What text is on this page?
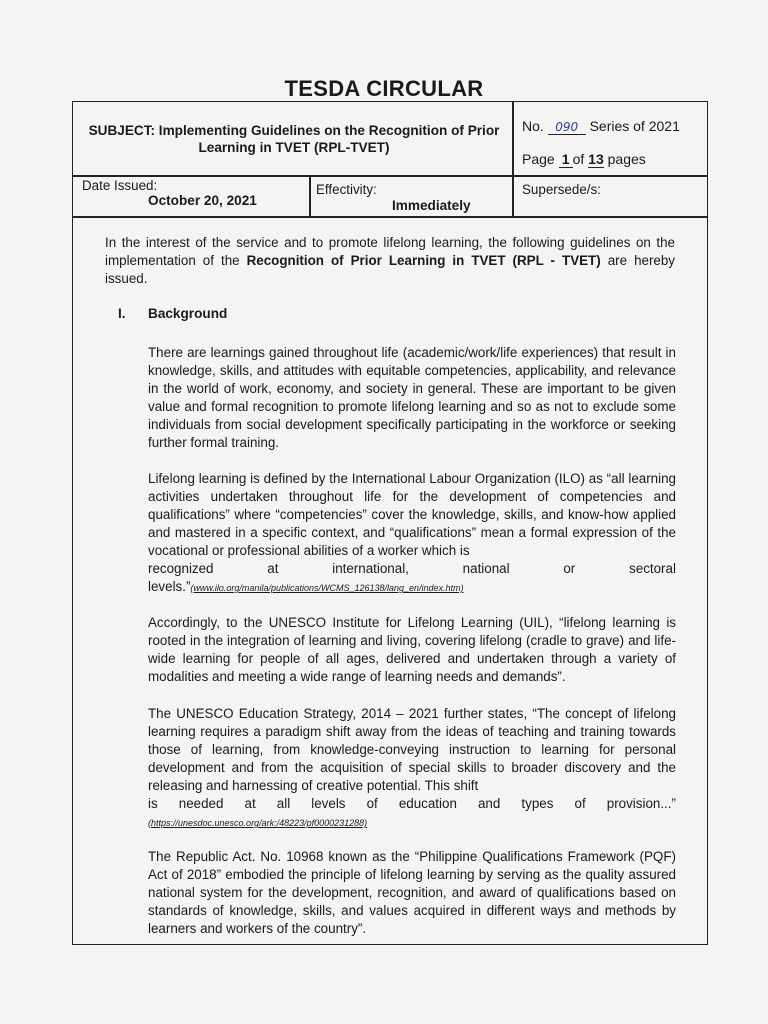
TESDA CIRCULAR
SUBJECT: Implementing Guidelines on the Recognition of Prior Learning in TVET (RPL-TVET)
No. 090 Series of 2021
Page 1 of 13 pages
Date Issued:
October 20, 2021
Effectivity:
Immediately
Supersede/s:
In the interest of the service and to promote lifelong learning, the following guidelines on the implementation of the Recognition of Prior Learning in TVET (RPL - TVET) are hereby issued.
I. Background
There are learnings gained throughout life (academic/work/life experiences) that result in knowledge, skills, and attitudes with equitable competencies, applicability, and relevance in the world of work, economy, and society in general. These are important to be given value and formal recognition to promote lifelong learning and so as not to exclude some individuals from social development specifically participating in the workforce or seeking further formal training.
Lifelong learning is defined by the International Labour Organization (ILO) as “all learning activities undertaken throughout life for the development of competencies and qualifications” where “competencies” cover the knowledge, skills, and know-how applied and mastered in a specific context, and “qualifications” mean a formal expression of the vocational or professional abilities of a worker which is
recognized	at	international,	national	or	sectoral
levels.”(www.ilo.org/manila/publications/WCMS_126138/lang_en/index.htm)
Accordingly, to the UNESCO Institute for Lifelong Learning (UIL), “lifelong learning is rooted in the integration of learning and living, covering lifelong (cradle to grave) and life-wide learning for people of all ages, delivered and undertaken through a variety of modalities and meeting a wide range of learning needs and demands”.
The UNESCO Education Strategy, 2014 – 2021 further states, “The concept of lifelong learning requires a paradigm shift away from the ideas of teaching and training towards those of learning, from knowledge-conveying instruction to learning for personal development and from the acquisition of special skills to broader discovery and the releasing and harnessing of creative potential. This shift
is needed at all levels of education and types of provision...”
(https://unesdoc.unesco.org/ark:/48223/pf0000231288)
The Republic Act. No. 10968 known as the “Philippine Qualifications Framework (PQF) Act of 2018” embodied the principle of lifelong learning by serving as the quality assured national system for the development, recognition, and award of qualifications based on standards of knowledge, skills, and values acquired in different ways and methods by learners and workers of the country”.
